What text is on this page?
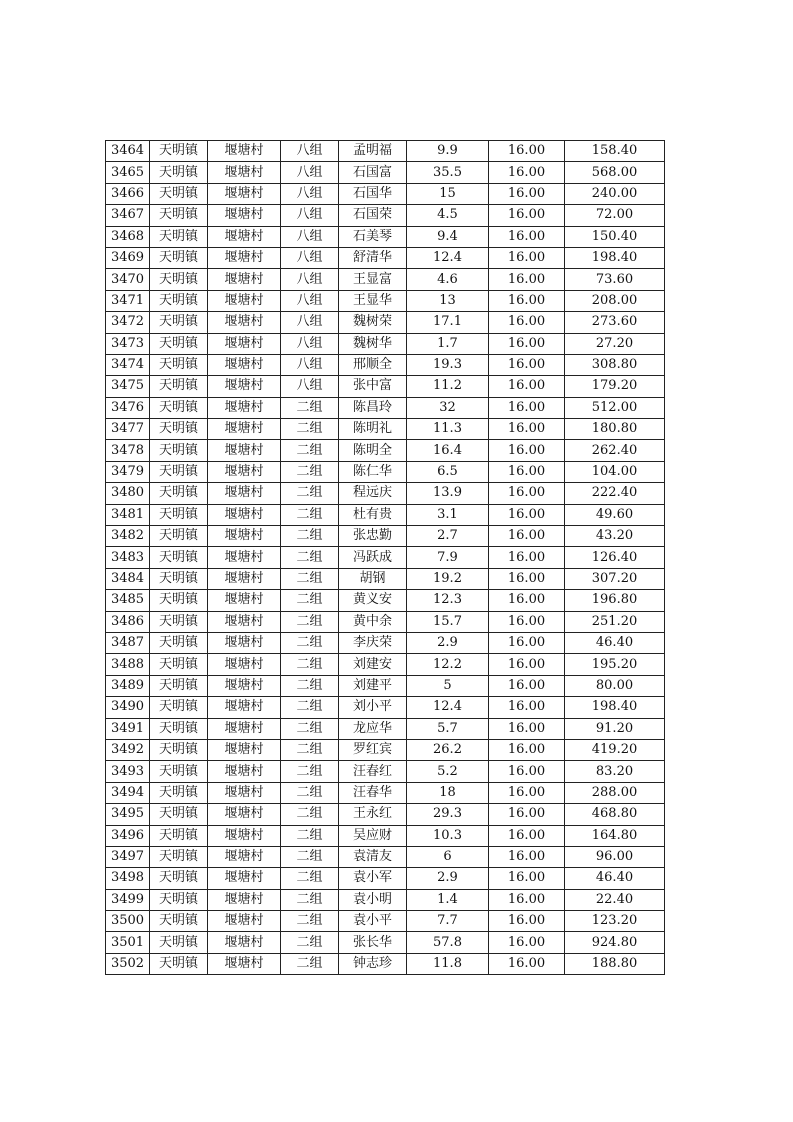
3464	天明镇	堰塘村	八组	孟明福	9.9	16.00	158.40
3465	天明镇	堰塘村	八组	石国富	35.5	16.00	568.00
3466	天明镇	堰塘村	八组	石国华	15	16.00	240.00
3467	天明镇	堰塘村	八组	石国荣	4.5	16.00	72.00
3468	天明镇	堰塘村	八组	石美琴	9.4	16.00	150.40
3469	天明镇	堰塘村	八组	舒清华	12.4	16.00	198.40
3470	天明镇	堰塘村	八组	王显富	4.6	16.00	73.60
3471	天明镇	堰塘村	八组	王显华	13	16.00	208.00
3472	天明镇	堰塘村	八组	魏树荣	17.1	16.00	273.60
3473	天明镇	堰塘村	八组	魏树华	1.7	16.00	27.20
3474	天明镇	堰塘村	八组	邢顺全	19.3	16.00	308.80
3475	天明镇	堰塘村	八组	张中富	11.2	16.00	179.20
3476	天明镇	堰塘村	二组	陈昌玲	32	16.00	512.00
3477	天明镇	堰塘村	二组	陈明礼	11.3	16.00	180.80
3478	天明镇	堰塘村	二组	陈明全	16.4	16.00	262.40
3479	天明镇	堰塘村	二组	陈仁华	6.5	16.00	104.00
3480	天明镇	堰塘村	二组	程远庆	13.9	16.00	222.40
3481	天明镇	堰塘村	二组	杜有贵	3.1	16.00	49.60
3482	天明镇	堰塘村	二组	张忠勤	2.7	16.00	43.20
3483	天明镇	堰塘村	二组	冯跃成	7.9	16.00	126.40
3484	天明镇	堰塘村	二组	胡钢	19.2	16.00	307.20
3485	天明镇	堰塘村	二组	黄义安	12.3	16.00	196.80
3486	天明镇	堰塘村	二组	黄中余	15.7	16.00	251.20
3487	天明镇	堰塘村	二组	李庆荣	2.9	16.00	46.40
3488	天明镇	堰塘村	二组	刘建安	12.2	16.00	195.20
3489	天明镇	堰塘村	二组	刘建平	5	16.00	80.00
3490	天明镇	堰塘村	二组	刘小平	12.4	16.00	198.40
3491	天明镇	堰塘村	二组	龙应华	5.7	16.00	91.20
3492	天明镇	堰塘村	二组	罗红宾	26.2	16.00	419.20
3493	天明镇	堰塘村	二组	汪春红	5.2	16.00	83.20
3494	天明镇	堰塘村	二组	汪春华	18	16.00	288.00
3495	天明镇	堰塘村	二组	王永红	29.3	16.00	468.80
3496	天明镇	堰塘村	二组	吴应财	10.3	16.00	164.80
3497	天明镇	堰塘村	二组	袁清友	6	16.00	96.00
3498	天明镇	堰塘村	二组	袁小军	2.9	16.00	46.40
3499	天明镇	堰塘村	二组	袁小明	1.4	16.00	22.40
3500	天明镇	堰塘村	二组	袁小平	7.7	16.00	123.20
3501	天明镇	堰塘村	二组	张长华	57.8	16.00	924.80
3502	天明镇	堰塘村	二组	钟志珍	11.8	16.00	188.80
